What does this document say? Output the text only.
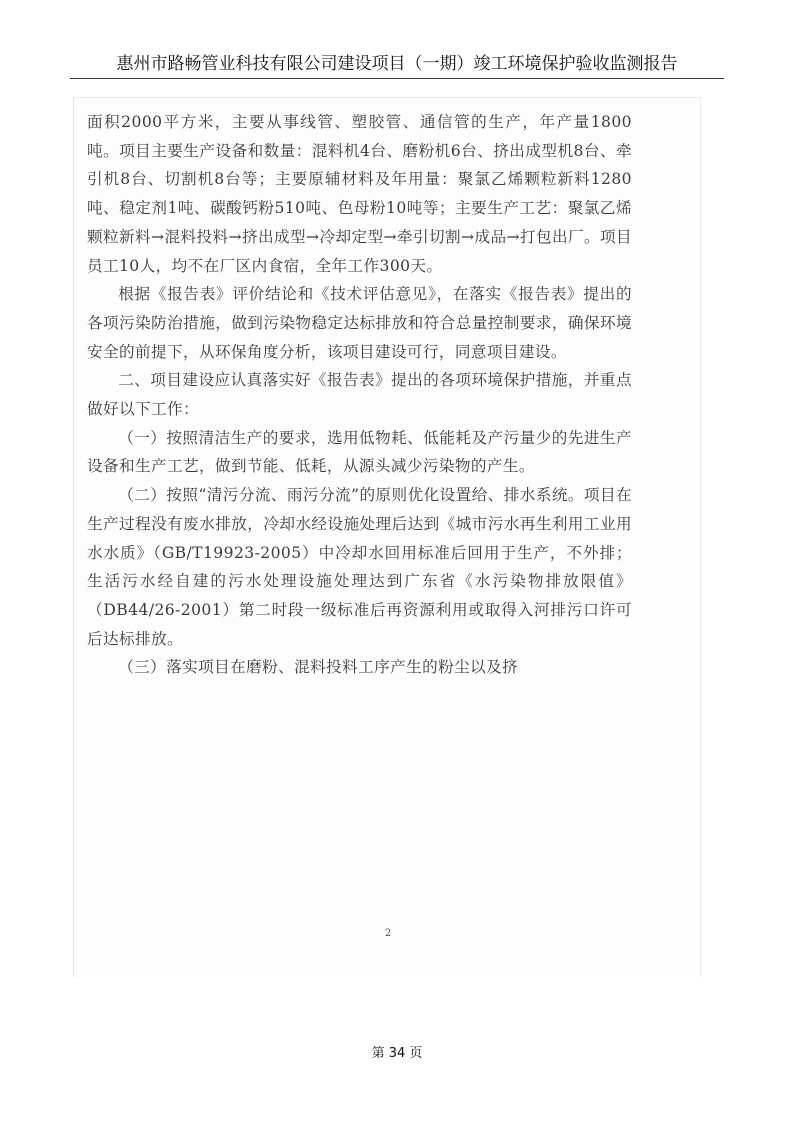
惠州市路畅管业科技有限公司建设项目（一期）竣工环境保护验收监测报告
2

面积2000平方米，主要从事线管、塑胶管、通信管的生产，年产量1800吨。项目主要生产设备和数量：混料机4台、磨粉机6台、挤出成型机8台、牵引机8台、切割机8台等；主要原辅材料及年用量：聚氯乙烯颗粒新料1280吨、稳定剂1吨、碳酸钙粉510吨、色母粉10吨等；主要生产工艺：聚氯乙烯颗粒新料→混料投料→挤出成型→冷却定型→牵引切割→成品→打包出厂。项目员工10人，均不在厂区内食宿，全年工作300天。

根据《报告表》评价结论和《技术评估意见》，在落实《报告表》提出的各项污染防治措施，做到污染物稳定达标排放和符合总量控制要求，确保环境安全的前提下，从环保角度分析，该项目建设可行，同意项目建设。

二、项目建设应认真落实好《报告表》提出的各项环境保护措施，并重点做好以下工作：

（一）按照清洁生产的要求，选用低物耗、低能耗及产污量少的先进生产设备和生产工艺，做到节能、低耗，从源头减少污染物的产生。

（二）按照“清污分流、雨污分流”的原则优化设置给、排水系统。项目在生产过程没有废水排放，冷却水经设施处理后达到《城市污水再生利用工业用水水质》（GB/T19923-2005）中冷却水回用标准后回用于生产，不外排；生活污水经自建的污水处理设施处理达到广东省《水污染物排放限值》（DB44/26-2001）第二时段一级标准后再资源利用或取得入河排污口许可后达标排放。

（三）落实项目在磨粉、混料投料工序产生的粉尘以及挤

第 34 页
